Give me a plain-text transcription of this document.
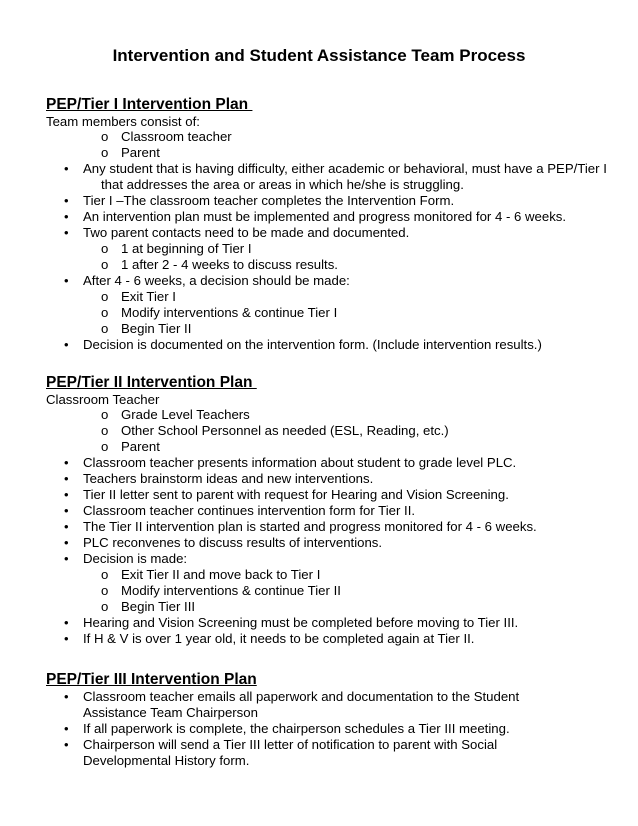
Intervention and Student Assistance Team Process
PEP/Tier I Intervention Plan
Team members consist of:
o Classroom teacher
o Parent
•	Any student that is having difficulty, either academic or behavioral, must have a PEP/Tier I
that addresses the area or areas in which he/she is struggling.
•	Tier I –The classroom teacher completes the Intervention Form.
•	An intervention plan must be implemented and progress monitored for 4 - 6 weeks.
•	Two parent contacts need to be made and documented.
o 1 at beginning of Tier I
o 1 after 2 - 4 weeks to discuss results.
•	After 4 - 6 weeks, a decision should be made:
o Exit Tier I
o Modify interventions & continue Tier I
o Begin Tier II
•	Decision is documented on the intervention form. (Include intervention results.)
PEP/Tier II Intervention Plan
Classroom Teacher
o Grade Level Teachers
o Other School Personnel as needed (ESL, Reading, etc.)
o Parent
•	Classroom teacher presents information about student to grade level PLC.
•	Teachers brainstorm ideas and new interventions.
•	Tier II letter sent to parent with request for Hearing and Vision Screening.
•	Classroom teacher continues intervention form for Tier II.
•	The Tier II intervention plan is started and progress monitored for 4 - 6 weeks.
•	PLC reconvenes to discuss results of interventions.
•	Decision is made:
o Exit Tier II and move back to Tier I
o Modify interventions & continue Tier II
o Begin Tier III
•	Hearing and Vision Screening must be completed before moving to Tier III.
•	If H & V is over 1 year old, it needs to be completed again at Tier II.
PEP/Tier III Intervention Plan
•	Classroom teacher emails all paperwork and documentation to the Student Assistance Team Chairperson
•	If all paperwork is complete, the chairperson schedules a Tier III meeting.
•	Chairperson will send a Tier III letter of notification to parent with Social Developmental History form.
